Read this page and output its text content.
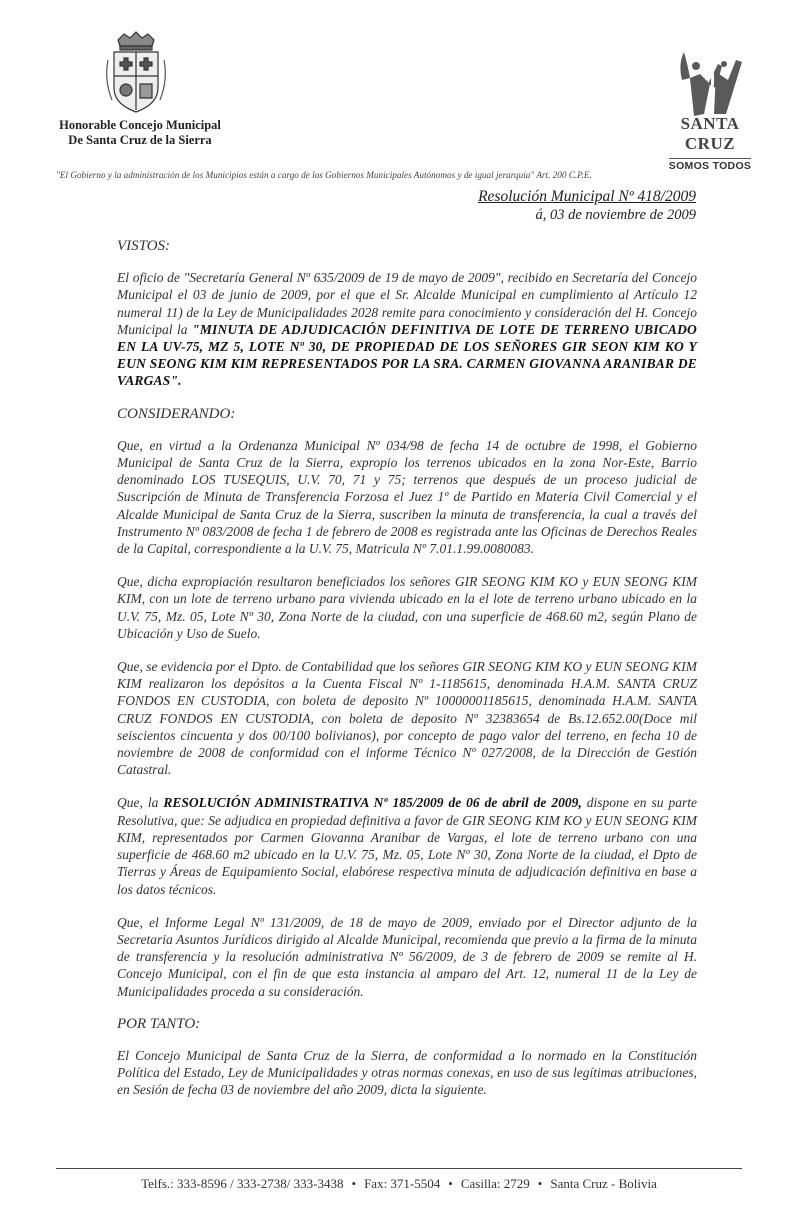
Honorable Concejo Municipal
De Santa Cruz de la Sierra
SANTA CRUZ
SOMOS TODOS
"El Gobierno y la administración de los Municipios están a cargo de los Gobiernos Municipales Autónomos y de igual jerarquía" Art. 200 C.P.E.
Resolución Municipal Nº 418/2009
á, 03 de noviembre de 2009
VISTOS:

El oficio de "Secretaría General Nº 635/2009 de 19 de mayo de 2009", recibido en Secretaría del Concejo Municipal el 03 de junio de 2009, por el que el Sr. Alcalde Municipal en cumplimiento al Artículo 12 numeral 11) de la Ley de Municipalidades 2028 remite para conocimiento y consideración del H. Concejo Municipal la "MINUTA DE ADJUDICACIÓN DEFINITIVA DE LOTE DE TERRENO UBICADO EN LA UV-75, MZ 5, LOTE Nº 30, DE PROPIEDAD DE LOS SEÑORES GIR SEON KIM KO Y EUN SEONG KIM KIM REPRESENTADOS POR LA SRA. CARMEN GIOVANNA ARANIBAR DE VARGAS".

CONSIDERANDO:

Que, en virtud a la Ordenanza Municipal Nº 034/98 de fecha 14 de octubre de 1998, el Gobierno Municipal de Santa Cruz de la Sierra, expropio los terrenos ubicados en la zona Nor-Este, Barrio denominado LOS TUSEQUIS, U.V. 70, 71 y 75; terrenos que después de un proceso judicial de Suscripción de Minuta de Transferencia Forzosa el Juez 1º de Partido en Materia Civil Comercial y el Alcalde Municipal de Santa Cruz de la Sierra, suscriben la minuta de transferencia, la cual a través del Instrumento Nº 083/2008 de fecha 1 de febrero de 2008 es registrada ante las Oficinas de Derechos Reales de la Capital, correspondiente a la U.V. 75, Matricula Nº 7.01.1.99.0080083.

Que, dicha expropiación resultaron beneficiados los señores GIR SEONG KIM KO y EUN SEONG KIM KIM, con un lote de terreno urbano para vivienda ubicado en la el lote de terreno urbano ubicado en la U.V. 75, Mz. 05, Lote Nº 30, Zona Norte de la ciudad, con una superficie de 468.60 m2, según Plano de Ubicación y Uso de Suelo.

Que, se evidencia por el Dpto. de Contabilidad que los señores GIR SEONG KIM KO y EUN SEONG KIM KIM realizaron los depósitos a la Cuenta Fiscal Nº 1-1185615, denominada H.A.M. SANTA CRUZ FONDOS EN CUSTODIA, con boleta de deposito Nº 10000001185615, denominada H.A.M. SANTA CRUZ FONDOS EN CUSTODIA, con boleta de deposito Nº 32383654 de Bs.12.652.00(Doce mil seiscientos cincuenta y dos 00/100 bolivianos), por concepto de pago valor del terreno, en fecha 10 de noviembre de 2008 de conformidad con el informe Técnico Nº 027/2008, de la Dirección de Gestión Catastral.

Que, la RESOLUCIÓN ADMINISTRATIVA Nº 185/2009 de 06 de abril de 2009, dispone en su parte Resolutiva, que: Se adjudica en propiedad definitiva a favor de GIR SEONG KIM KO y EUN SEONG KIM KIM, representados por Carmen Giovanna Aranibar de Vargas, el lote de terreno urbano con una superficie de 468.60 m2 ubicado en la U.V. 75, Mz. 05, Lote Nº 30, Zona Norte de la ciudad, el Dpto de Tierras y Áreas de Equipamiento Social, elabórese respectiva minuta de adjudicación definitiva en base a los datos técnicos.

Que, el Informe Legal Nº 131/2009, de 18 de mayo de 2009, enviado por el Director adjunto de la Secretaria Asuntos Jurídicos dirigido al Alcalde Municipal, recomienda que previo a la firma de la minuta de transferencia y la resolución administrativa Nº 56/2009, de 3 de febrero de 2009 se remite al H. Concejo Municipal, con el fin de que esta instancia al amparo del Art. 12, numeral 11 de la Ley de Municipalidades proceda a su consideración.

POR TANTO:

El Concejo Municipal de Santa Cruz de la Sierra, de conformidad a lo normado en la Constitución Política del Estado, Ley de Municipalidades y otras normas conexas, en uso de sus legítimas atribuciones, en Sesión de fecha 03 de noviembre del año 2009, dicta la siguiente.

Telfs.: 333-8596 / 333-2738/ 333-3438 • Fax: 371-5504 • Casilla: 2729 • Santa Cruz - Bolivia
